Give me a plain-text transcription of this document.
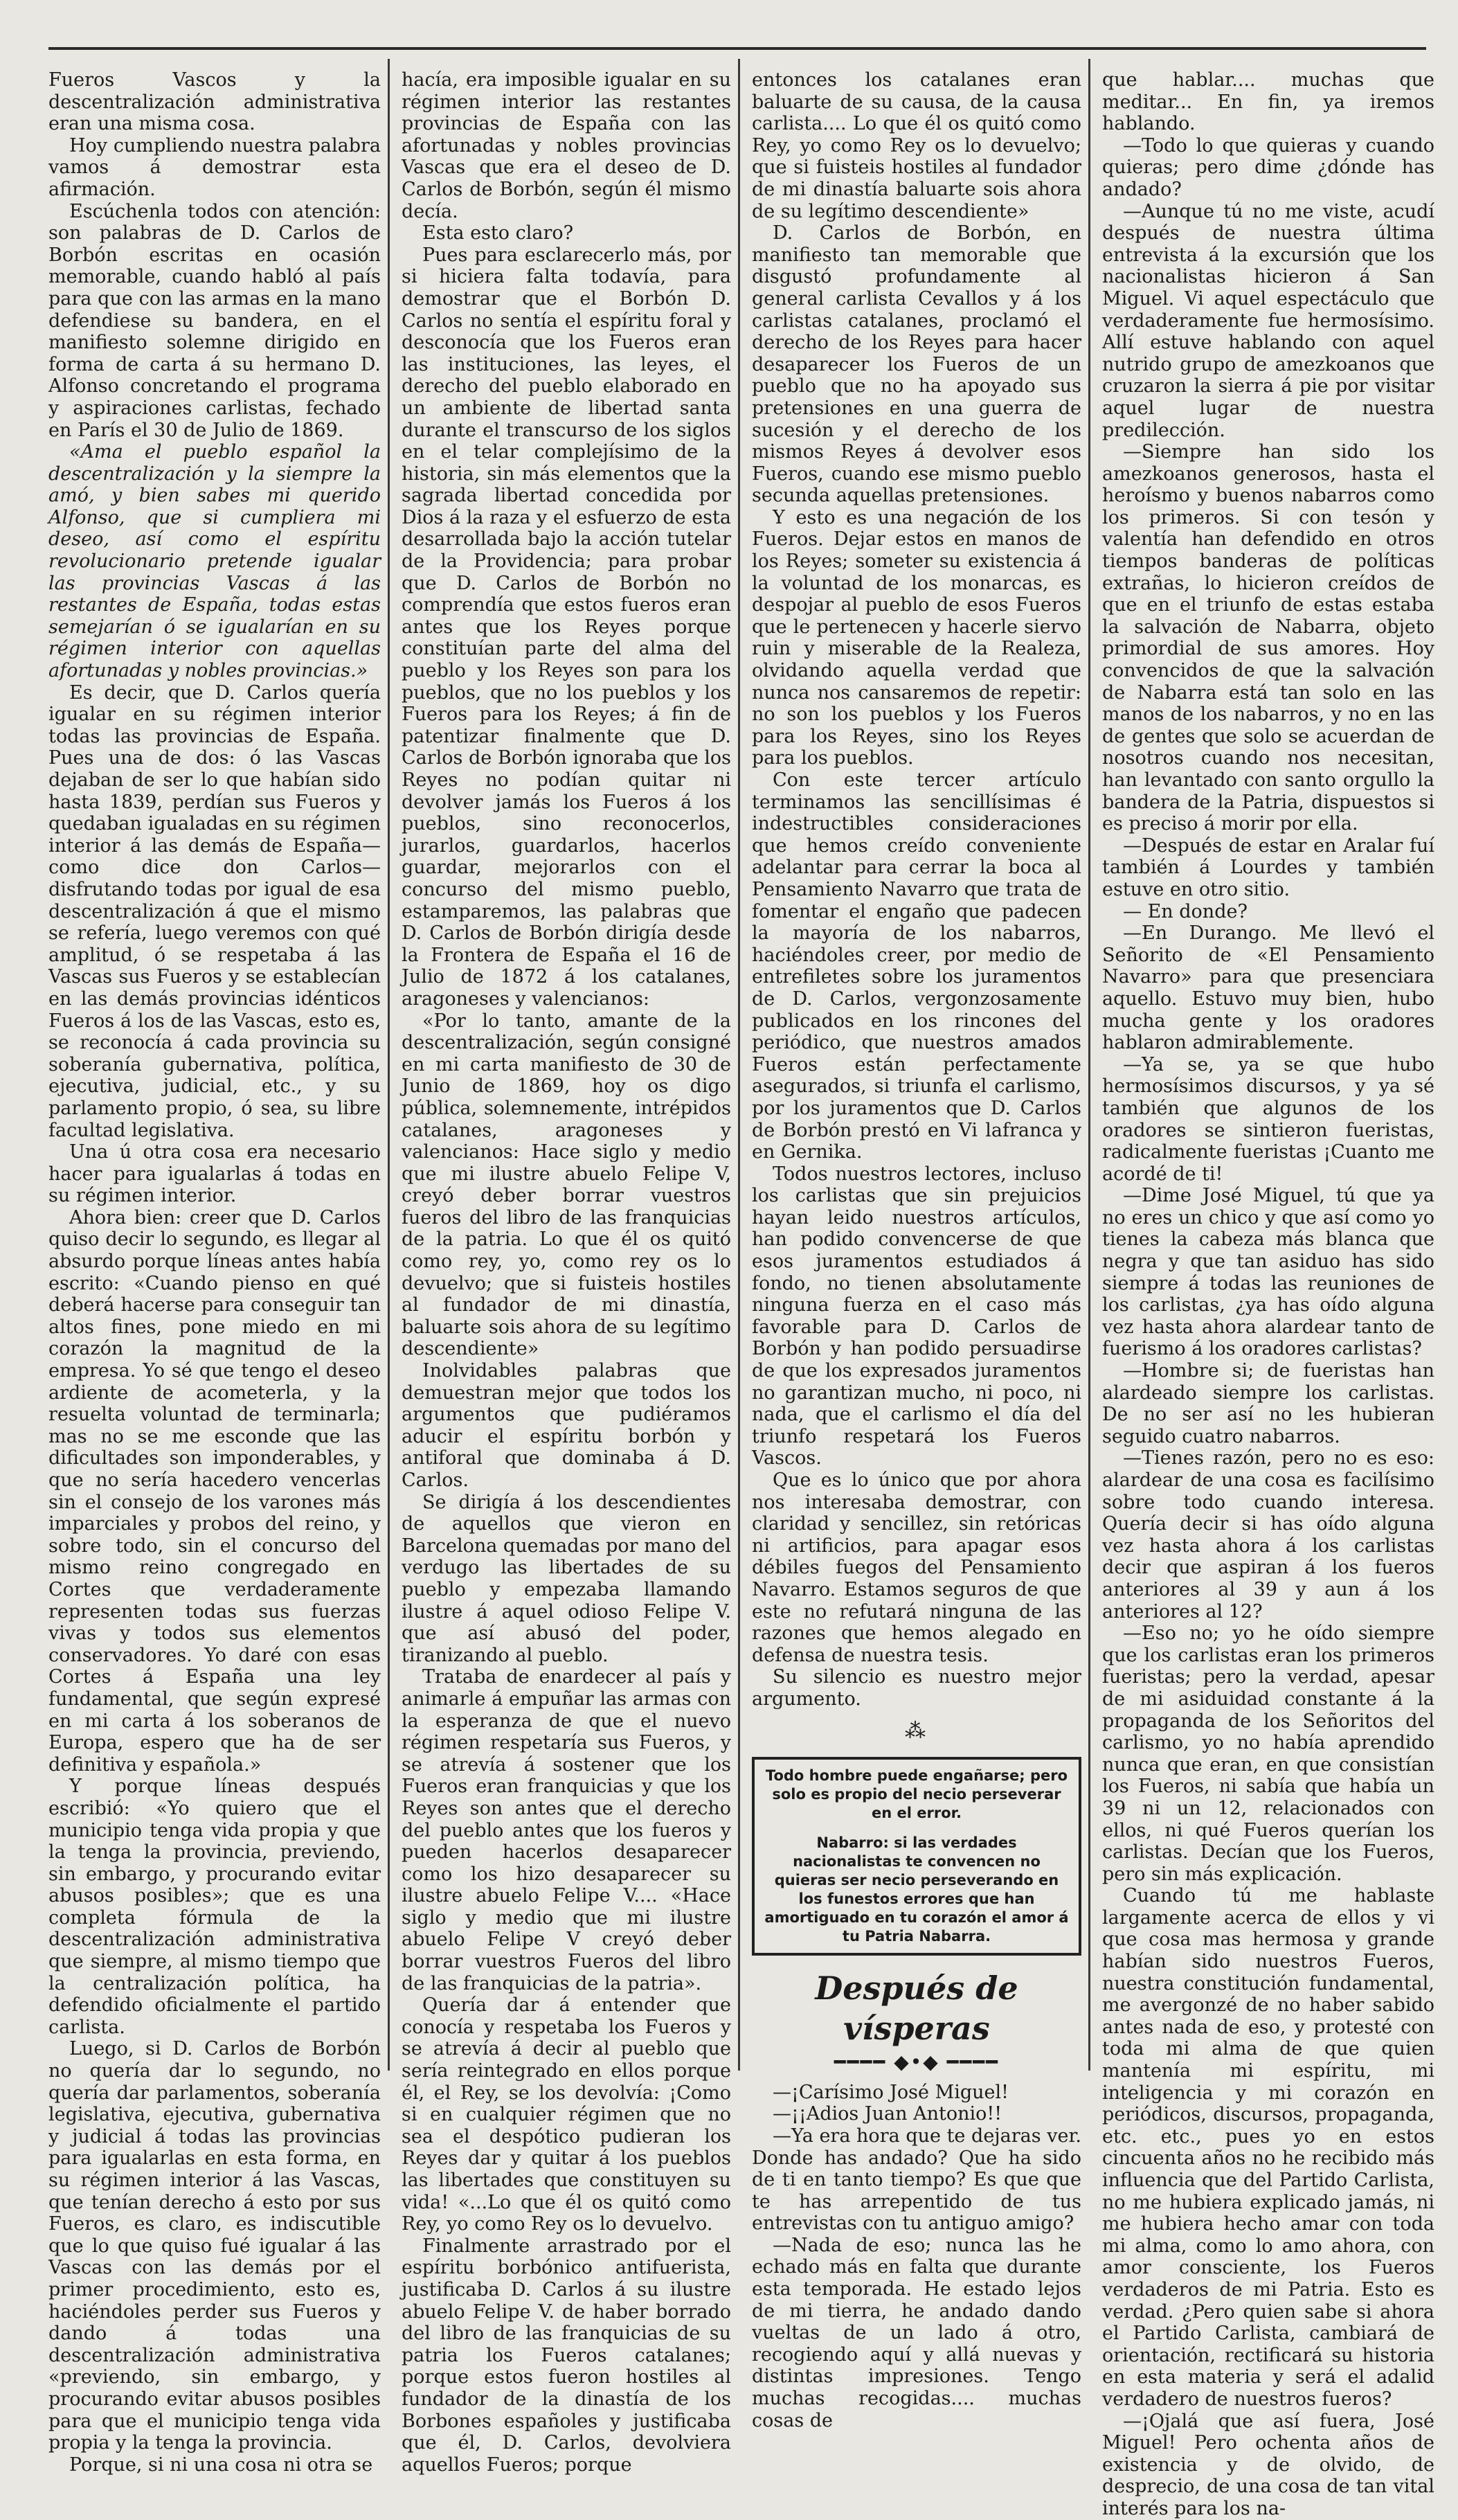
Fueros Vascos y la descentralización administrativa eran una misma cosa.

Hoy cumpliendo nuestra palabra vamos á demostrar esta afirmación.

Escúchenla todos con atención: son palabras de D. Carlos de Borbón escritas en ocasión memorable, cuando habló al país para que con las armas en la mano defendiese su bandera, en el manifiesto solemne dirigido en forma de carta á su hermano D. Alfonso concretando el programa y aspiraciones carlistas, fechado en París el 30 de Julio de 1869.

«Ama el pueblo español la descentralización y la siempre la amó, y bien sabes mi querido Alfonso, que si cumpliera mi deseo, así como el espíritu revolucionario pretende igualar las provincias Vascas á las restantes de España, todas estas semejarían ó se igualarían en su régimen interior con aquellas afortunadas y nobles provincias.»

Es decir, que D. Carlos quería igualar en su régimen interior todas las provincias de España. Pues una de dos: ó las Vascas dejaban de ser lo que habían sido hasta 1839, perdían sus Fueros y quedaban igualadas en su régimen interior á las demás de España—como dice don Carlos—disfrutando todas por igual de esa descentralización á que el mismo se refería, luego veremos con qué amplitud, ó se respetaba á las Vascas sus Fueros y se establecían en las demás provincias idénticos Fueros á los de las Vascas, esto es, se reconocía á cada provincia su soberanía gubernativa, política, ejecutiva, judicial, etc., y su parlamento propio, ó sea, su libre facultad legislativa.

Una ú otra cosa era necesario hacer para igualarlas á todas en su régimen interior.

Ahora bien: creer que D. Carlos quiso decir lo segundo, es llegar al absurdo porque líneas antes había escrito: «Cuando pienso en qué deberá hacerse para conseguir tan altos fines, pone miedo en mi corazón la magnitud de la empresa. Yo sé que tengo el deseo ardiente de acometerla, y la resuelta voluntad de terminarla; mas no se me esconde que las dificultades son imponderables, y que no sería hacedero vencerlas sin el consejo de los varones más imparciales y probos del reino, y sobre todo, sin el concurso del mismo reino congregado en Cortes que verdaderamente representen todas sus fuerzas vivas y todos sus elementos conservadores. Yo daré con esas Cortes á España una ley fundamental, que según expresé en mi carta á los soberanos de Europa, espero que ha de ser definitiva y española.»

Y porque líneas después escribió: «Yo quiero que el municipio tenga vida propia y que la tenga la provincia, previendo, sin embargo, y procurando evitar abusos posibles»; que es una completa fórmula de la descentralización administrativa que siempre, al mismo tiempo que la centralización política, ha defendido oficialmente el partido carlista.

Luego, si D. Carlos de Borbón no quería dar lo segundo, no quería dar parlamentos, soberanía legislativa, ejecutiva, gubernativa y judicial á todas las provincias para igualarlas en esta forma, en su régimen interior á las Vascas, que tenían derecho á esto por sus Fueros, es claro, es indiscutible que lo que quiso fué igualar á las Vascas con las demás por el primer procedimiento, esto es, haciéndoles perder sus Fueros y dando á todas una descentralización administrativa «previendo, sin embargo, y procurando evitar abusos posibles para que el municipio tenga vida propia y la tenga la provincia.

Porque, si ni una cosa ni otra se

hacía, era imposible igualar en su régimen interior las restantes provincias de España con las afortunadas y nobles provincias Vascas que era el deseo de D. Carlos de Borbón, según él mismo decía.

Esta esto claro?

Pues para esclarecerlo más, por si hiciera falta todavía, para demostrar que el Borbón D. Carlos no sentía el espíritu foral y desconocía que los Fueros eran las instituciones, las leyes, el derecho del pueblo elaborado en un ambiente de libertad santa durante el transcurso de los siglos en el telar complejísimo de la historia, sin más elementos que la sagrada libertad concedida por Dios á la raza y el esfuerzo de esta desarrollada bajo la acción tutelar de la Providencia; para probar que D. Carlos de Borbón no comprendía que estos fueros eran antes que los Reyes porque constituían parte del alma del pueblo y los Reyes son para los pueblos, que no los pueblos y los Fueros para los Reyes; á fin de patentizar finalmente que D. Carlos de Borbón ignoraba que los Reyes no podían quitar ni devolver jamás los Fueros á los pueblos, sino reconocerlos, jurarlos, guardarlos, hacerlos guardar, mejorarlos con el concurso del mismo pueblo, estamparemos, las palabras que D. Carlos de Borbón dirigía desde la Frontera de España el 16 de Julio de 1872 á los catalanes, aragoneses y valencianos:

«Por lo tanto, amante de la descentralización, según consigné en mi carta manifiesto de 30 de Junio de 1869, hoy os digo pública, solemnemente, intrépidos catalanes, aragoneses y valencianos: Hace siglo y medio que mi ilustre abuelo Felipe V, creyó deber borrar vuestros fueros del libro de las franquicias de la patria. Lo que él os quitó como rey, yo, como rey os lo devuelvo; que si fuisteis hostiles al fundador de mi dinastía, baluarte sois ahora de su legítimo descendiente»

Inolvidables palabras que demuestran mejor que todos los argumentos que pudiéramos aducir el espíritu borbón y antiforal que dominaba á D. Carlos.

Se dirigía á los descendientes de aquellos que vieron en Barcelona quemadas por mano del verdugo las libertades de su pueblo y empezaba llamando ilustre á aquel odioso Felipe V. que así abusó del poder, tiranizando al pueblo.

Trataba de enardecer al país y animarle á empuñar las armas con la esperanza de que el nuevo régimen respetaría sus Fueros, y se atrevía á sostener que los Fueros eran franquicias y que los Reyes son antes que el derecho del pueblo antes que los fueros y pueden hacerlos desaparecer como los hizo desaparecer su ilustre abuelo Felipe V.... «Hace siglo y medio que mi ilustre abuelo Felipe V creyó deber borrar vuestros Fueros del libro de las franquicias de la patria».

Quería dar á entender que conocía y respetaba los Fueros y se atrevía á decir al pueblo que sería reintegrado en ellos porque él, el Rey, se los devolvía: ¡Como si en cualquier régimen que no sea el despótico pudieran los Reyes dar y quitar á los pueblos las libertades que constituyen su vida! «...Lo que él os quitó como Rey, yo como Rey os lo devuelvo.

Finalmente arrastrado por el espíritu borbónico antifuerista, justificaba D. Carlos á su ilustre abuelo Felipe V. de haber borrado del libro de las franquicias de su patria los Fueros catalanes; porque estos fueron hostiles al fundador de la dinastía de los Borbones españoles y justificaba que él, D. Carlos, devolviera aquellos Fueros; porque

entonces los catalanes eran baluarte de su causa, de la causa carlista.... Lo que él os quitó como Rey, yo como Rey os lo devuelvo; que si fuisteis hostiles al fundador de mi dinastía baluarte sois ahora de su legítimo descendiente»

D. Carlos de Borbón, en manifiesto tan memorable que disgustó profundamente al general carlista Cevallos y á los carlistas catalanes, proclamó el derecho de los Reyes para hacer desaparecer los Fueros de un pueblo que no ha apoyado sus pretensiones en una guerra de sucesión y el derecho de los mismos Reyes á devolver esos Fueros, cuando ese mismo pueblo secunda aquellas pretensiones.

Y esto es una negación de los Fueros. Dejar estos en manos de los Reyes; someter su existencia á la voluntad de los monarcas, es despojar al pueblo de esos Fueros que le pertenecen y hacerle siervo ruin y miserable de la Realeza, olvidando aquella verdad que nunca nos cansaremos de repetir: no son los pueblos y los Fueros para los Reyes, sino los Reyes para los pueblos.

Con este tercer artículo terminamos las sencillísimas é indestructibles consideraciones que hemos creído conveniente adelantar para cerrar la boca al Pensamiento Navarro que trata de fomentar el engaño que padecen la mayoría de los nabarros, haciéndoles creer, por medio de entrefiletes sobre los juramentos de D. Carlos, vergonzosamente publicados en los rincones del periódico, que nuestros amados Fueros están perfectamente asegurados, si triunfa el carlismo, por los juramentos que D. Carlos de Borbón prestó en Vi lafranca y en Gernika.

Todos nuestros lectores, incluso los carlistas que sin prejuicios hayan leido nuestros artículos, han podido convencerse de que esos juramentos estudiados á fondo, no tienen absolutamente ninguna fuerza en el caso más favorable para D. Carlos de Borbón y han podido persuadirse de que los expresados juramentos no garantizan mucho, ni poco, ni nada, que el carlismo el día del triunfo respetará los Fueros Vascos.

Que es lo único que por ahora nos interesaba demostrar, con claridad y sencillez, sin retóricas ni artificios, para apagar esos débiles fuegos del Pensamiento Navarro. Estamos seguros de que este no refutará ninguna de las razones que hemos alegado en defensa de nuestra tesis.

Su silencio es nuestro mejor argumento.

⁂

Todo hombre puede engañarse; pero solo es propio del necio perseverar en el error.

Nabarro: si las verdades nacionalistas te convencen no quieras ser necio perseverando en los funestos errores que han amortiguado en tu corazón el amor á tu Patria Nabarra.

Después de vísperas
━━━━ ◆•◆ ━━━━

—¡Carísimo José Miguel!

—¡¡Adios Juan Antonio!!

—Ya era hora que te dejaras ver. Donde has andado? Que ha sido de ti en tanto tiempo? Es que que te has arrepentido de tus entrevistas con tu antiguo amigo?

—Nada de eso; nunca las he echado más en falta que durante esta temporada. He estado lejos de mi tierra, he andado dando vueltas de un lado á otro, recogiendo aquí y allá nuevas y distintas impresiones. Tengo muchas recogidas.... muchas cosas de

que hablar.... muchas que meditar... En fin, ya iremos hablando.

—Todo lo que quieras y cuando quieras; pero dime ¿dónde has andado?

—Aunque tú no me viste, acudí después de nuestra última entrevista á la excursión que los nacionalistas hicieron á San Miguel. Vi aquel espectáculo que verdaderamente fue hermosísimo. Allí estuve hablando con aquel nutrido grupo de amezkoanos que cruzaron la sierra á pie por visitar aquel lugar de nuestra predilección.

—Siempre han sido los amezkoanos generosos, hasta el heroísmo y buenos nabarros como los primeros. Si con tesón y valentía han defendido en otros tiempos banderas de políticas extrañas, lo hicieron creídos de que en el triunfo de estas estaba la salvación de Nabarra, objeto primordial de sus amores. Hoy convencidos de que la salvación de Nabarra está tan solo en las manos de los nabarros, y no en las de gentes que solo se acuerdan de nosotros cuando nos necesitan, han levantado con santo orgullo la bandera de la Patria, dispuestos si es preciso á morir por ella.

—Después de estar en Aralar fuí también á Lourdes y también estuve en otro sitio.

— En donde?

—En Durango. Me llevó el Señorito de «El Pensamiento Navarro» para que presenciara aquello. Estuvo muy bien, hubo mucha gente y los oradores hablaron admirablemente.

—Ya se, ya se que hubo hermosísimos discursos, y ya sé también que algunos de los oradores se sintieron fueristas, radicalmente fueristas ¡Cuanto me acordé de ti!

—Dime José Miguel, tú que ya no eres un chico y que así como yo tienes la cabeza más blanca que negra y que tan asiduo has sido siempre á todas las reuniones de los carlistas, ¿ya has oído alguna vez hasta ahora alardear tanto de fuerismo á los oradores carlistas?

—Hombre si; de fueristas han alardeado siempre los carlistas. De no ser así no les hubieran seguido cuatro nabarros.

—Tienes razón, pero no es eso: alardear de una cosa es facilísimo sobre todo cuando interesa. Quería decir si has oído alguna vez hasta ahora á los carlistas decir que aspiran á los fueros anteriores al 39 y aun á los anteriores al 12?

—Eso no; yo he oído siempre que los carlistas eran los primeros fueristas; pero la verdad, apesar de mi asiduidad constante á la propaganda de los Señoritos del carlismo, yo no había aprendido nunca que eran, en que consistían los Fueros, ni sabía que había un 39 ni un 12, relacionados con ellos, ni qué Fueros querían los carlistas. Decían que los Fueros, pero sin más explicación.

Cuando tú me hablaste largamente acerca de ellos y vi que cosa mas hermosa y grande habían sido nuestros Fueros, nuestra constitución fundamental, me avergonzé de no haber sabido antes nada de eso, y protesté con toda mi alma de que quien mantenía mi espíritu, mi inteligencia y mi corazón en periódicos, discursos, propaganda, etc. etc., pues yo en estos cincuenta años no he recibido más influencia que del Partido Carlista, no me hubiera explicado jamás, ni me hubiera hecho amar con toda mi alma, como lo amo ahora, con amor consciente, los Fueros verdaderos de mi Patria. Esto es verdad. ¿Pero quien sabe si ahora el Partido Carlista, cambiará de orientación, rectificará su historia en esta materia y será el adalid verdadero de nuestros fueros?

—¡Ojalá que así fuera, José Miguel! Pero ochenta años de existencia y de olvido, de desprecio, de una cosa de tan vital interés para los na-
